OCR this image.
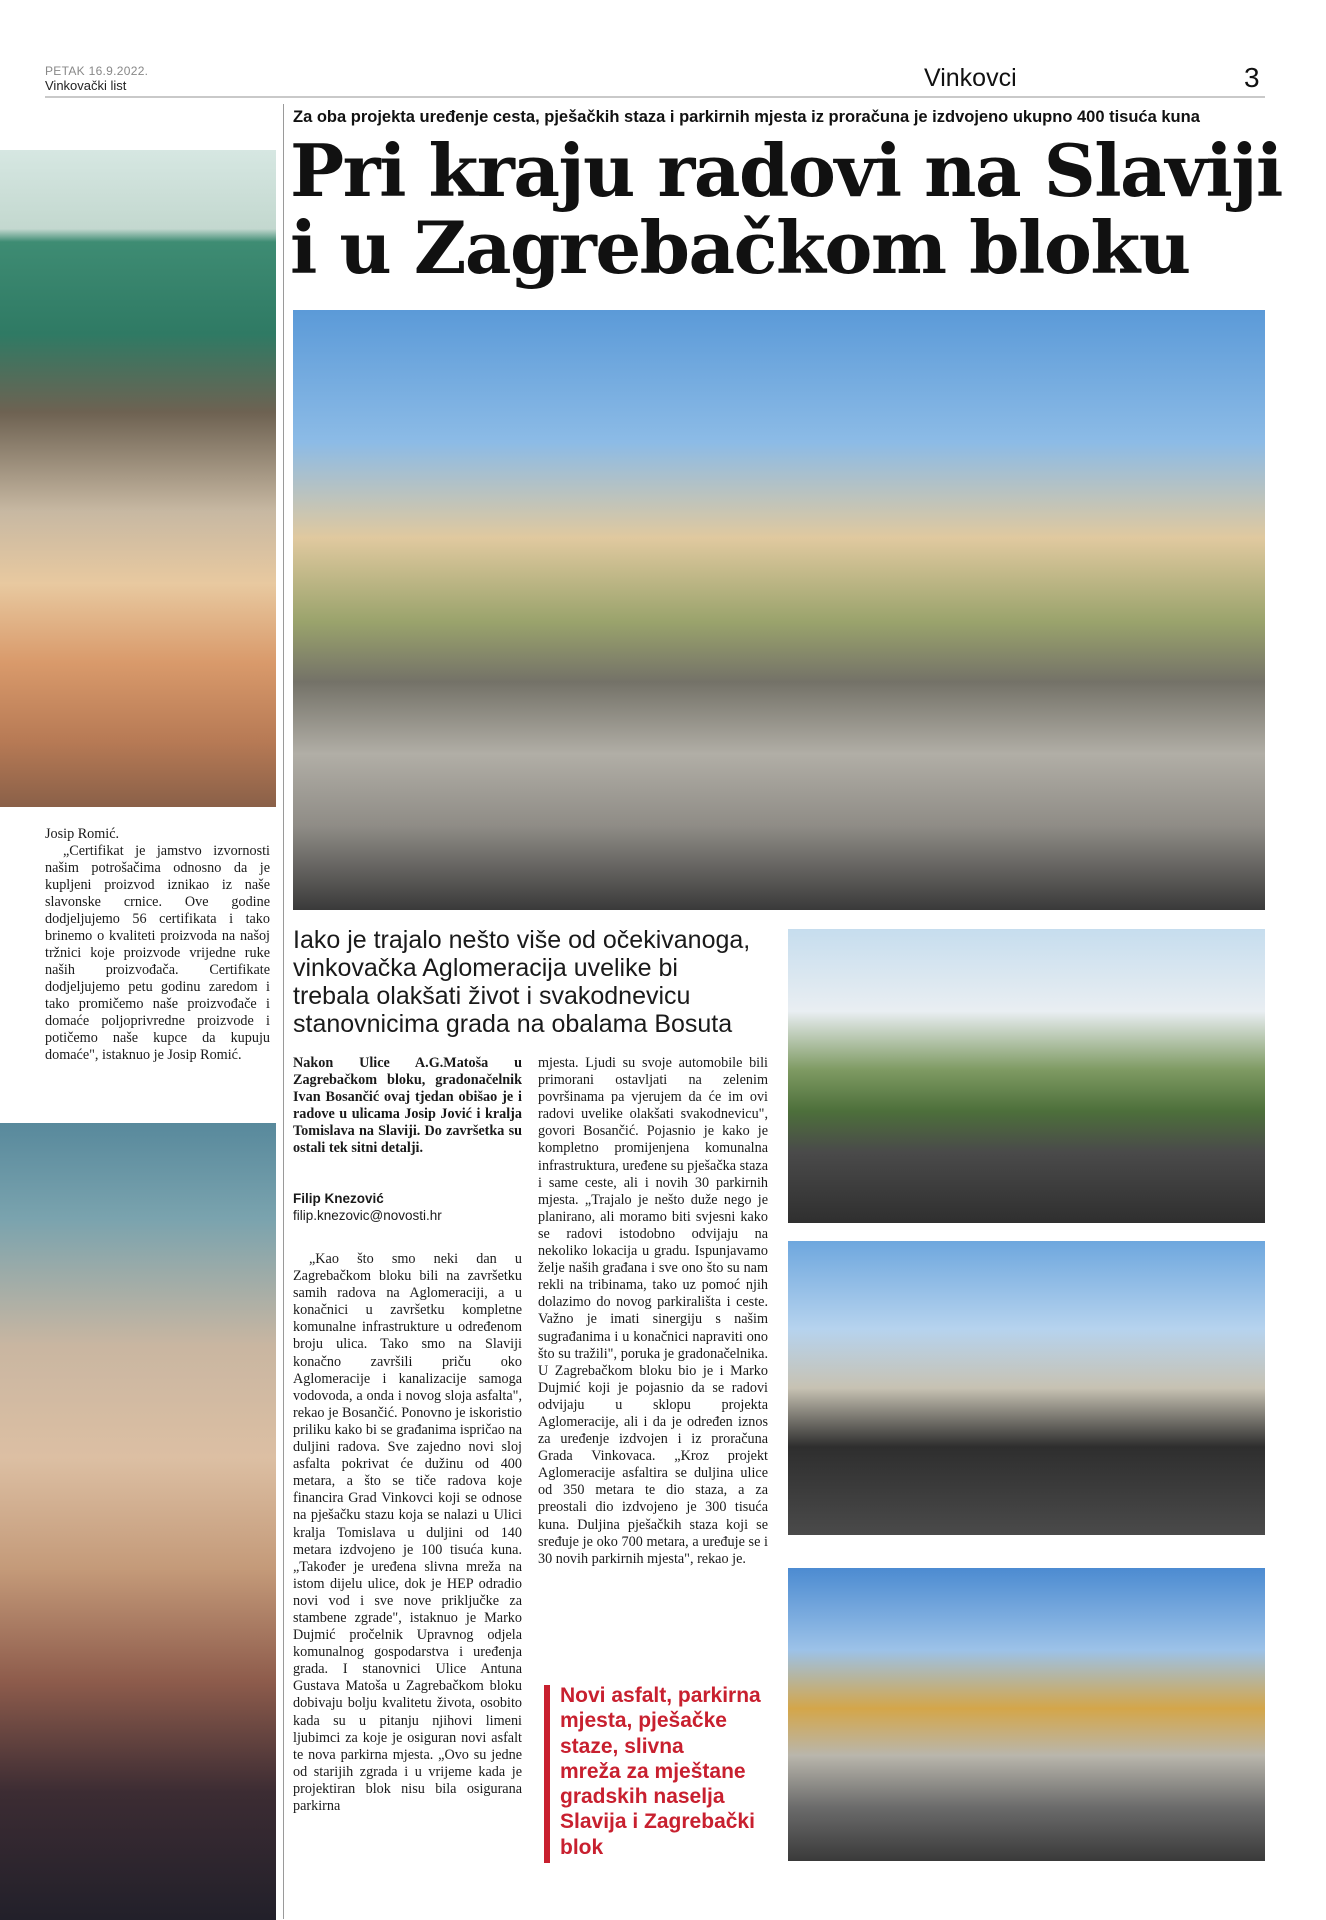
PETAK 16.9.2022.
Vinkovački list	Vinkovci	3

Josip Romić.

„Certifikat je jamstvo izvornosti našim potrošačima odnosno da je kupljeni proizvod iznikao iz naše slavonske crnice. Ove godine dodjeljujemo 56 certifikata i tako brinemo o kvaliteti proizvoda na našoj tržnici koje proizvode vrijedne ruke naših proizvođača. Certifikate dodjeljujemo petu godinu zaredom i tako promičemo naše proizvođače i domaće poljoprivredne proizvode i potičemo naše kupce da kupuju domaće", istaknuo je Josip Romić.

Za oba projekta uređenje cesta, pješačkih staza i parkirnih mjesta iz proračuna je izdvojeno ukupno 400 tisuća kuna
Pri kraju radovi na Slaviji
i u Zagrebačkom bloku
Iako je trajalo nešto više od očekivanoga,
vinkovačka Aglomeracija uvelike bi
trebala olakšati život i svakodnevicu
stanovnicima grada na obalama Bosuta

Nakon Ulice A.G.Matoša u Zagrebačkom bloku, gradonačelnik Ivan Bosančić ovaj tjedan obišao je i radove u ulicama Josip Jović i kralja Tomislava na Slaviji. Do završetka su ostali tek sitni detalji.

Filip Knezović
filip.knezovic@novosti.hr

„Kao što smo neki dan u Zagrebačkom bloku bili na završetku samih radova na Aglomeraciji, a u konačnici u završetku kompletne komunalne infrastrukture u određenom broju ulica. Tako smo na Slaviji konačno završili priču oko Aglomeracije i kanalizacije samoga vodovoda, a onda i novog sloja asfalta", rekao je Bosančić. Ponovno je iskoristio priliku kako bi se građanima ispričao na duljini radova. Sve zajedno novi sloj asfalta pokrivat će dužinu od 400 metara, a što se tiče radova koje financira Grad Vinkovci koji se odnose na pješačku stazu koja se nalazi u Ulici kralja Tomislava u duljini od 140 metara izdvojeno je 100 tisuća kuna. „Također je uređena slivna mreža na istom dijelu ulice, dok je HEP odradio novi vod i sve nove priključke za stambene zgrade", istaknuo je Marko Dujmić pročelnik Upravnog odjela komunalnog gospodarstva i uređenja grada. I stanovnici Ulice Antuna Gustava Matoša u Zagrebačkom bloku dobivaju bolju kvalitetu života, osobito kada su u pitanju njihovi limeni ljubimci za koje je osiguran novi asfalt te nova parkirna mjesta. „Ovo su jedne od starijih zgrada i u vrijeme kada je projektiran blok nisu bila osigurana parkirna

mjesta. Ljudi su svoje automobile bili primorani ostavljati na zelenim površinama pa vjerujem da će im ovi radovi uvelike olakšati svakodnevicu", govori Bosančić. Pojasnio je kako je kompletno promijenjena komunalna infrastruktura, uređene su pješačka staza i same ceste, ali i novih 30 parkirnih mjesta. „Trajalo je nešto duže nego je planirano, ali moramo biti svjesni kako se radovi istodobno odvijaju na nekoliko lokacija u gradu. Ispunjavamo želje naših građana i sve ono što su nam rekli na tribinama, tako uz pomoć njih dolazimo do novog parkirališta i ceste. Važno je imati sinergiju s našim sugrađanima i u konačnici napraviti ono što su tražili", poruka je gradonačelnika. U Zagrebačkom bloku bio je i Marko Dujmić koji je pojasnio da se radovi odvijaju u sklopu projekta Aglomeracije, ali i da je određen iznos za uređenje izdvojen i iz proračuna Grada Vinkovaca. „Kroz projekt Aglomeracije asfaltira se duljina ulice od 350 metara te dio staza, a za preostali dio izdvojeno je 300 tisuća kuna. Duljina pješačkih staza koji se sređuje je oko 700 metara, a uređuje se i 30 novih parkirnih mjesta", rekao je.

Novi asfalt, parkirna
mjesta, pješačke
staze, slivna
mreža za mještane
gradskih naselja
Slavija i Zagrebački
blok
